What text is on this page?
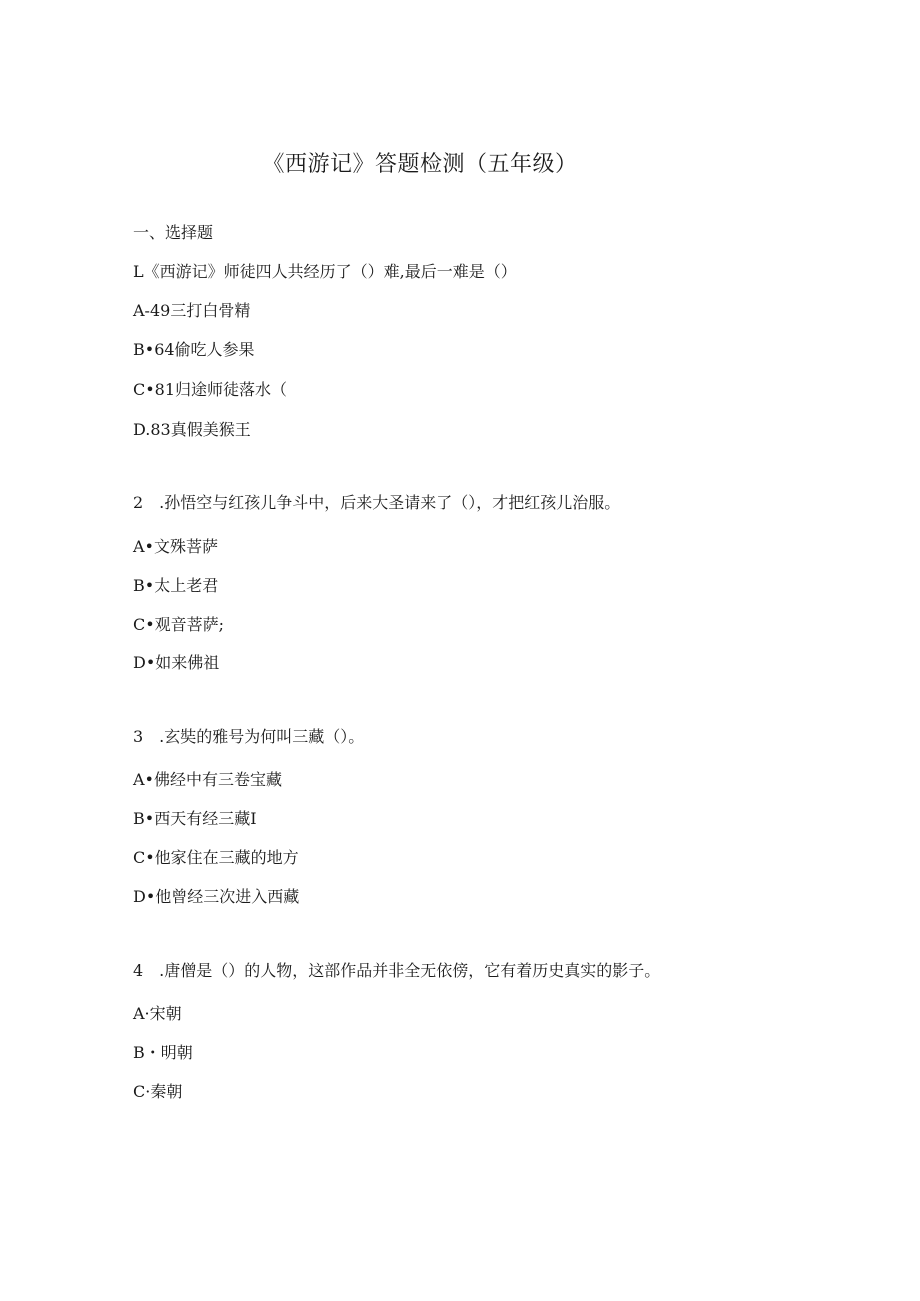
《西游记》答题检测（五年级）
一、选择题
L《西游记》师徒四人共经历了（）难,最后一难是（）
A-49三打白骨精
B•64偷吃人参果
C•81归途师徒落水（
D.83真假美猴王
2　.孙悟空与红孩儿争斗中，后来大圣请来了（），才把红孩儿治服。
A•文殊菩萨
B•太上老君
C•观音菩萨;
D•如来佛祖
3　.玄奘的雅号为何叫三藏（）。
A•佛经中有三卷宝藏
B•西天有经三藏I
C•他家住在三藏的地方
D•他曾经三次进入西藏
4　.唐僧是（）的人物，这部作品并非全无依傍，它有着历史真实的影子。
A·宋朝
B・明朝
C·秦朝
